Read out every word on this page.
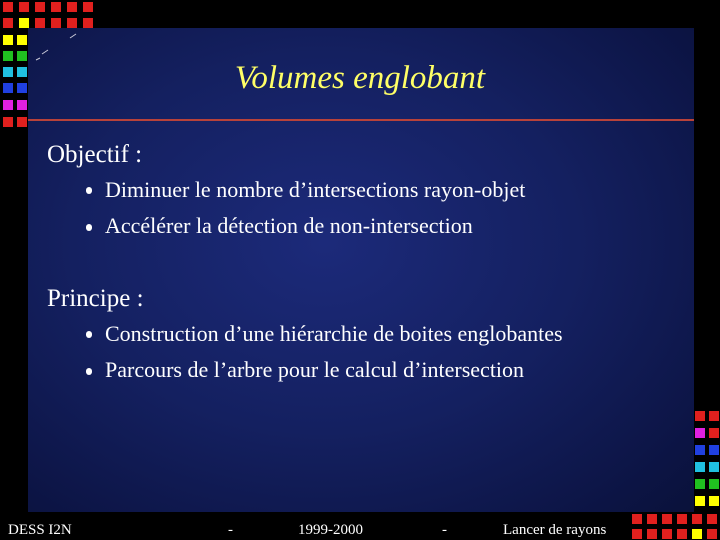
Volumes englobant
Objectif :
Diminuer le nombre d’intersections rayon-objet
Accélérer la détection de non-intersection
Principe :
Construction d’une hiérarchie de boites englobantes
Parcours de l’arbre pour le calcul d’intersection
DESS I2N	-	1999-2000	-	Lancer de rayons
